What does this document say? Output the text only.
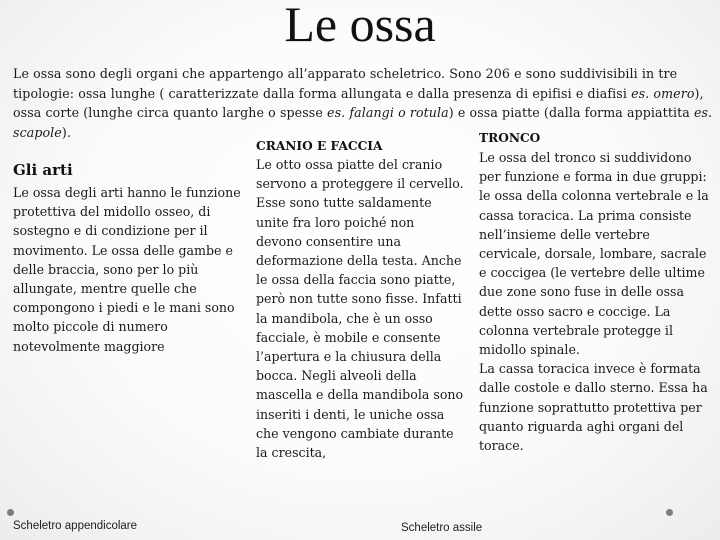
Le ossa
Le ossa sono degli organi che appartengo all’apparato scheletrico. Sono 206 e sono suddivisibili in tre tipologie: ossa lunghe ( caratterizzate dalla forma allungata e dalla presenza di epifisi e diafisi es. omero), ossa corte (lunghe circa quanto larghe o spesse es. falangi o rotula) e ossa piatte (dalla forma appiattita es. scapole).
Gli arti
Le ossa degli arti hanno le funzione protettiva del midollo osseo, di sostegno e di condizione per il movimento. Le ossa delle gambe e delle braccia, sono per lo più allungate, mentre quelle che compongono i piedi e le mani sono molto piccole di numero notevolmente maggiore
CRANIO E FACCIA
Le otto ossa piatte del cranio servono a proteggere il cervello. Esse sono tutte saldamente unite fra loro poiché non devono consentire una deformazione della testa. Anche le ossa della faccia sono piatte, però non tutte sono fisse. Infatti la mandibola, che è un osso facciale, è mobile e consente l’apertura e la chiusura della bocca. Negli alveoli della mascella e della mandibola sono inseriti i denti, le uniche ossa che vengono cambiate durante la crescita,
TRONCO
Le ossa del tronco si suddividono per funzione e forma in due gruppi: le ossa della colonna vertebrale e la cassa toracica. La prima consiste nell’insieme delle vertebre cervicale, dorsale, lombare, sacrale e coccigea (le vertebre delle ultime due zone sono fuse in delle ossa dette osso sacro e coccige. La colonna vertebrale protegge il midollo spinale.
La cassa toracica invece è formata dalle costole e dallo sterno. Essa ha funzione soprattutto protettiva per quanto riguarda aghi organi del torace.
Scheletro appendicolare	Scheletro assile
